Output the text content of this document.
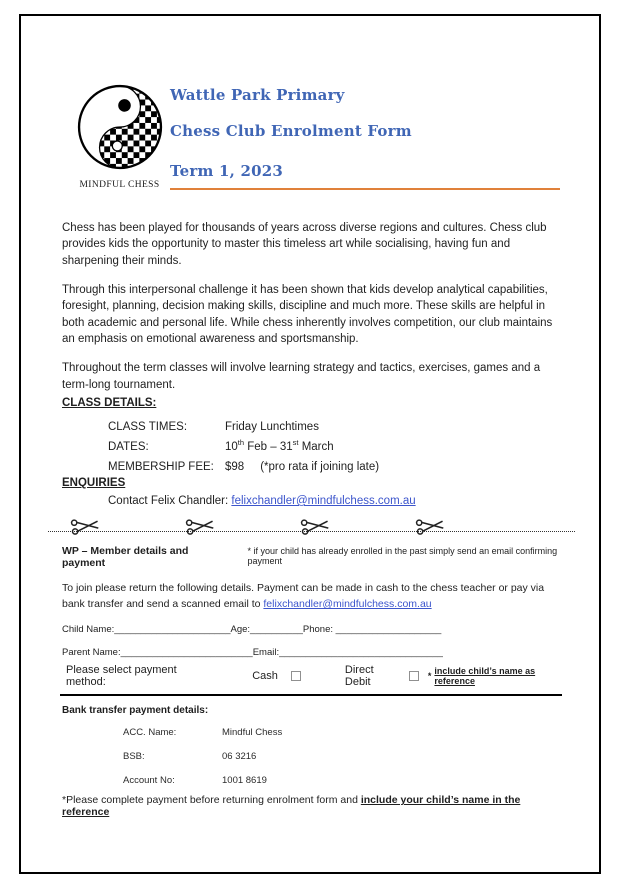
MINDFUL CHESS
Wattle Park Primary
Chess Club Enrolment Form
Term 1, 2023

Chess has been played for thousands of years across diverse regions and cultures. Chess club provides kids the opportunity to master this timeless art while socialising, having fun and sharpening their minds.

Through this interpersonal challenge it has been shown that kids develop analytical capabilities, foresight, planning, decision making skills, discipline and much more. These skills are helpful in both academic and personal life. While chess inherently involves competition, our club maintains an emphasis on emotional awareness and sportsmanship.

Throughout the term classes will involve learning strategy and tactics, exercises, games and a term-long tournament.

CLASS DETAILS:
CLASS TIMES:	Friday Lunchtimes
DATES:	10th Feb – 31st March
MEMBERSHIP FEE: $98 (*pro rata if joining late)
ENQUIRIES
Contact Felix Chandler: felixchandler@mindfulchess.com.au
WP – Member details and payment
* if your child has already enrolled in the past simply send an email confirming payment
To join please return the following details. Payment can be made in cash to the chess teacher or pay via bank transfer and send a scanned email to felixchandler@mindfulchess.com.au
Child Name:______________________Age:__________Phone: ____________________
Parent Name:_________________________Email:_______________________________
Please select payment method:	Cash	Direct Debit	* include child’s name as reference
Bank transfer payment details:
ACC. Name:	Mindful Chess
BSB:	06 3216
Account No:	1001 8619
*Please complete payment before returning enrolment form and include your child’s name in the reference
